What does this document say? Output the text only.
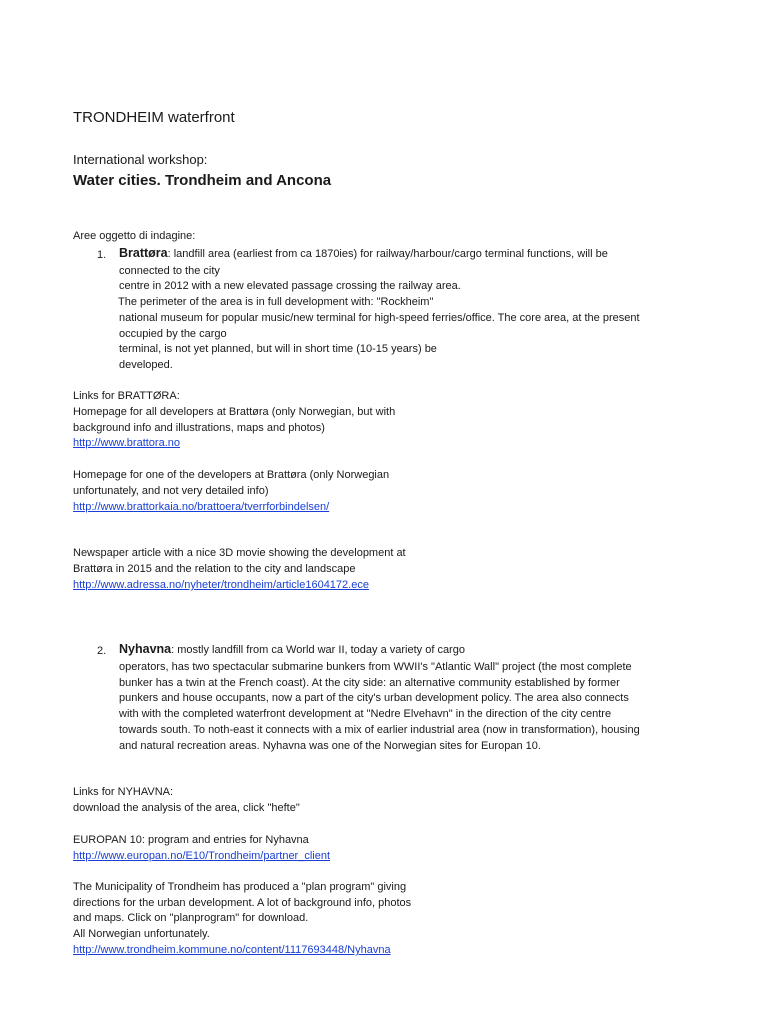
TRONDHEIM waterfront
International workshop:
Water cities. Trondheim and Ancona
Aree oggetto di indagine:
1. Brattøra: landfill area (earliest from ca 1870ies) for railway/harbour/cargo terminal functions, will be
connected to the city
centre in 2012 with a new elevated passage crossing the railway area.
The perimeter of the area is in full development with: "Rockheim"
national museum for popular music/new terminal for high-speed ferries/office. The core area, at the present
occupied by the cargo
terminal, is not yet planned, but will in short time (10-15 years) be
developed.
Links for BRATTØRA:
Homepage for all developers at Brattøra (only Norwegian, but with
background info and illustrations, maps and photos)
http://www.brattora.no
Homepage for one of the developers at Brattøra (only Norwegian
unfortunately, and not very detailed info)
http://www.brattorkaia.no/brattoera/tverrforbindelsen/
Newspaper article with a nice 3D movie showing the development at
Brattøra in 2015 and the relation to the city and landscape
http://www.adressa.no/nyheter/trondheim/article1604172.ece
2. Nyhavna: mostly landfill from ca World war II, today a variety of cargo
operators, has two spectacular submarine bunkers from WWII's "Atlantic Wall" project (the most complete
bunker has a twin at the French coast). At the city side: an alternative community established by former
punkers and house occupants, now a part of the city's urban development policy. The area also connects
with with the completed waterfront development at "Nedre Elvehavn" in the direction of the city centre
towards south. To noth-east it connects with a mix of earlier industrial area (now in transformation), housing
and natural recreation areas. Nyhavna was one of the Norwegian sites for Europan 10.
Links for NYHAVNA:
download the analysis of the area, click "hefte"
EUROPAN 10: program and entries for Nyhavna
http://www.europan.no/E10/Trondheim/partner_client
The Municipality of Trondheim has produced a "plan program" giving
directions for the urban development. A lot of background info, photos
and maps. Click on "planprogram" for download.
All Norwegian unfortunately.
http://www.trondheim.kommune.no/content/1117693448/Nyhavna
